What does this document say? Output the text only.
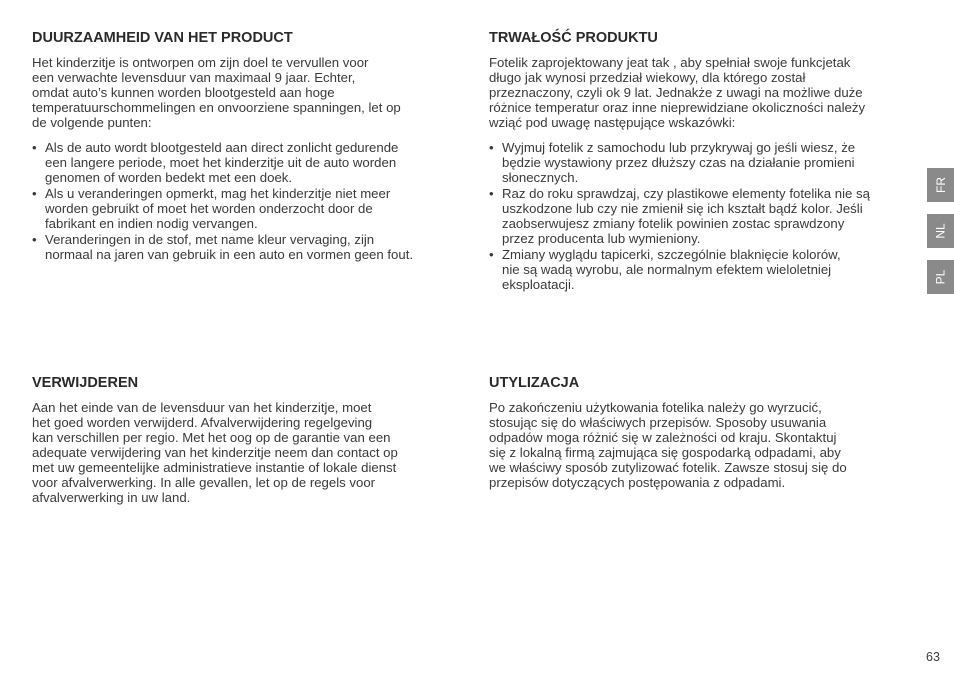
DUURZAAMHEID VAN HET PRODUCT

Het kinderzitje is ontworpen om zijn doel te vervullen voor
een verwachte levensduur van maximaal 9 jaar. Echter,
omdat auto’s kunnen worden blootgesteld aan hoge
temperatuurschommelingen en onvoorziene spanningen, let op
de volgende punten:

• Als de auto wordt blootgesteld aan direct zonlicht gedurende
een langere periode, moet het kinderzitje uit de auto worden
genomen of worden bedekt met een doek.
• Als u veranderingen opmerkt, mag het kinderzitje niet meer
worden gebruikt of moet het worden onderzocht door de
fabrikant en indien nodig vervangen.
• Veranderingen in de stof, met name kleur vervaging, zijn
normaal na jaren van gebruik in een auto en vormen geen fout.
TRWAŁOŚĆ PRODUKTU

Fotelik zaprojektowany jeat tak , aby spełniał swoje funkcjetak
długo jak wynosi przedział wiekowy, dla którego został
przeznaczony, czyli ok 9 lat. Jednakże z uwagi na możliwe duże
różnice temperatur oraz inne nieprewidziane okoliczności należy
wziąć pod uwagę następujące wskazówki:

• Wyjmuj fotelik z samochodu lub przykrywaj go jeśli wiesz, że
będzie wystawiony przez dłuższy czas na działanie promieni
słonecznych.
• Raz do roku sprawdzaj, czy plastikowe elementy fotelika nie są
uszkodzone lub czy nie zmienił się ich kształt bądź kolor. Jeśli
zaobserwujesz zmiany fotelik powinien zostac sprawdzony
przez producenta lub wymieniony.
• Zmiany wyglądu tapicerki, szczególnie blaknięcie kolorów,
nie są wadą wyrobu, ale normalnym efektem wieloletniej
eksploatacji.
VERWIJDEREN

Aan het einde van de levensduur van het kinderzitje, moet
het goed worden verwijderd. Afvalverwijdering regelgeving
kan verschillen per regio. Met het oog op de garantie van een
adequate verwijdering van het kinderzitje neem dan contact op
met uw gemeentelijke administratieve instantie of lokale dienst
voor afvalverwerking. In alle gevallen, let op de regels voor
afvalverwerking in uw land.

UTYLIZACJA

Po zakończeniu użytkowania fotelika należy go wyrzucić,
stosując się do właściwych przepisów. Sposoby usuwania
odpadów moga różnić się w zależności od kraju. Skontaktuj
się z lokalną firmą zajmująca się gospodarką odpadami, aby
we właściwy sposób zutylizować fotelik. Zawsze stosuj się do
przepisów dotyczących postępowania z odpadami.

FR
NL
PL
63
